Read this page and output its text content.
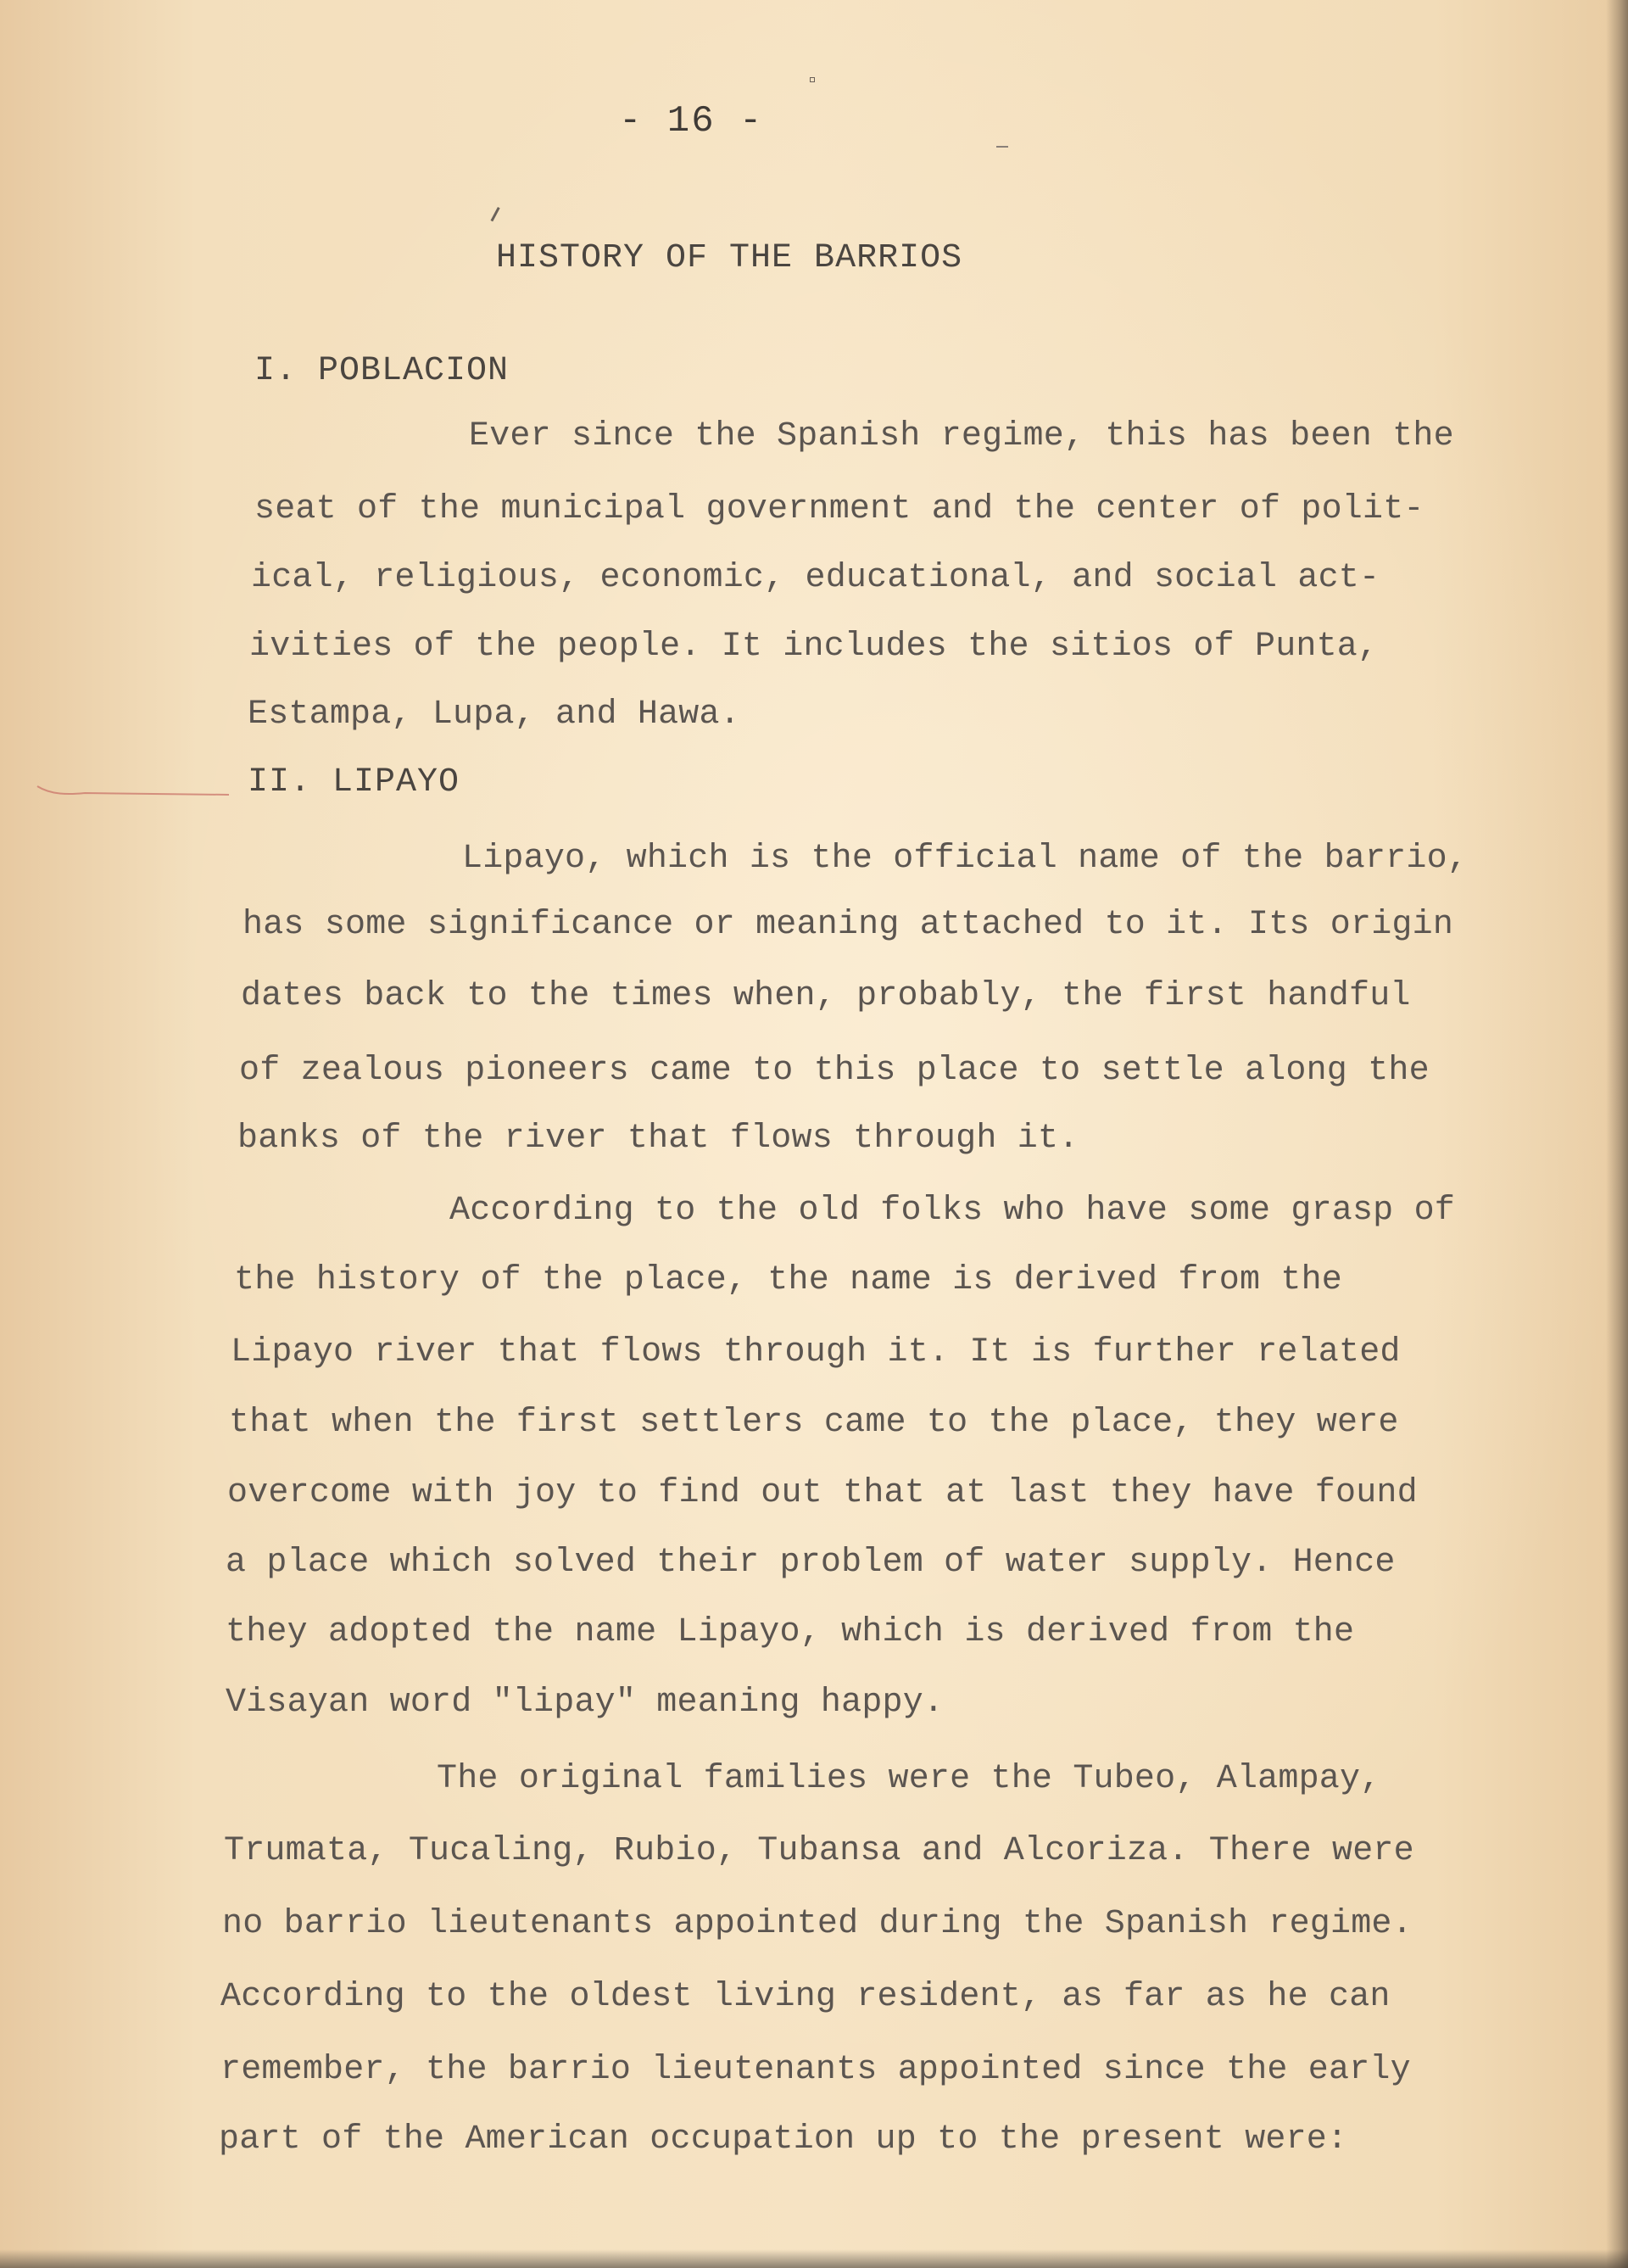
- 16 -
HISTORY OF THE BARRIOS
I. POBLACION
Ever since the Spanish regime, this has been the
seat of the municipal government and the center of polit-
ical, religious, economic, educational, and social act-
ivities of the people. It includes the sitios of Punta,
Estampa, Lupa, and Hawa.
II. LIPAYO
Lipayo, which is the official name of the barrio,
has some significance or meaning attached to it. Its origin
dates back to the times when, probably, the first handful
of zealous pioneers came to this place to settle along the
banks of the river that flows through it.
According to the old folks who have some grasp of
the history of the place, the name is derived from the
Lipayo river that flows through it. It is further related
that when the first settlers came to the place, they were
overcome with joy to find out that at last they have found
a place which solved their problem of water supply. Hence
they adopted the name Lipayo, which is derived from the
Visayan word "lipay" meaning happy.
The original families were the Tubeo, Alampay,
Trumata, Tucaling, Rubio, Tubansa and Alcoriza. There were
no barrio lieutenants appointed during the Spanish regime.
According to the oldest living resident, as far as he can
remember, the barrio lieutenants appointed since the early
part of the American occupation up to the present were:
